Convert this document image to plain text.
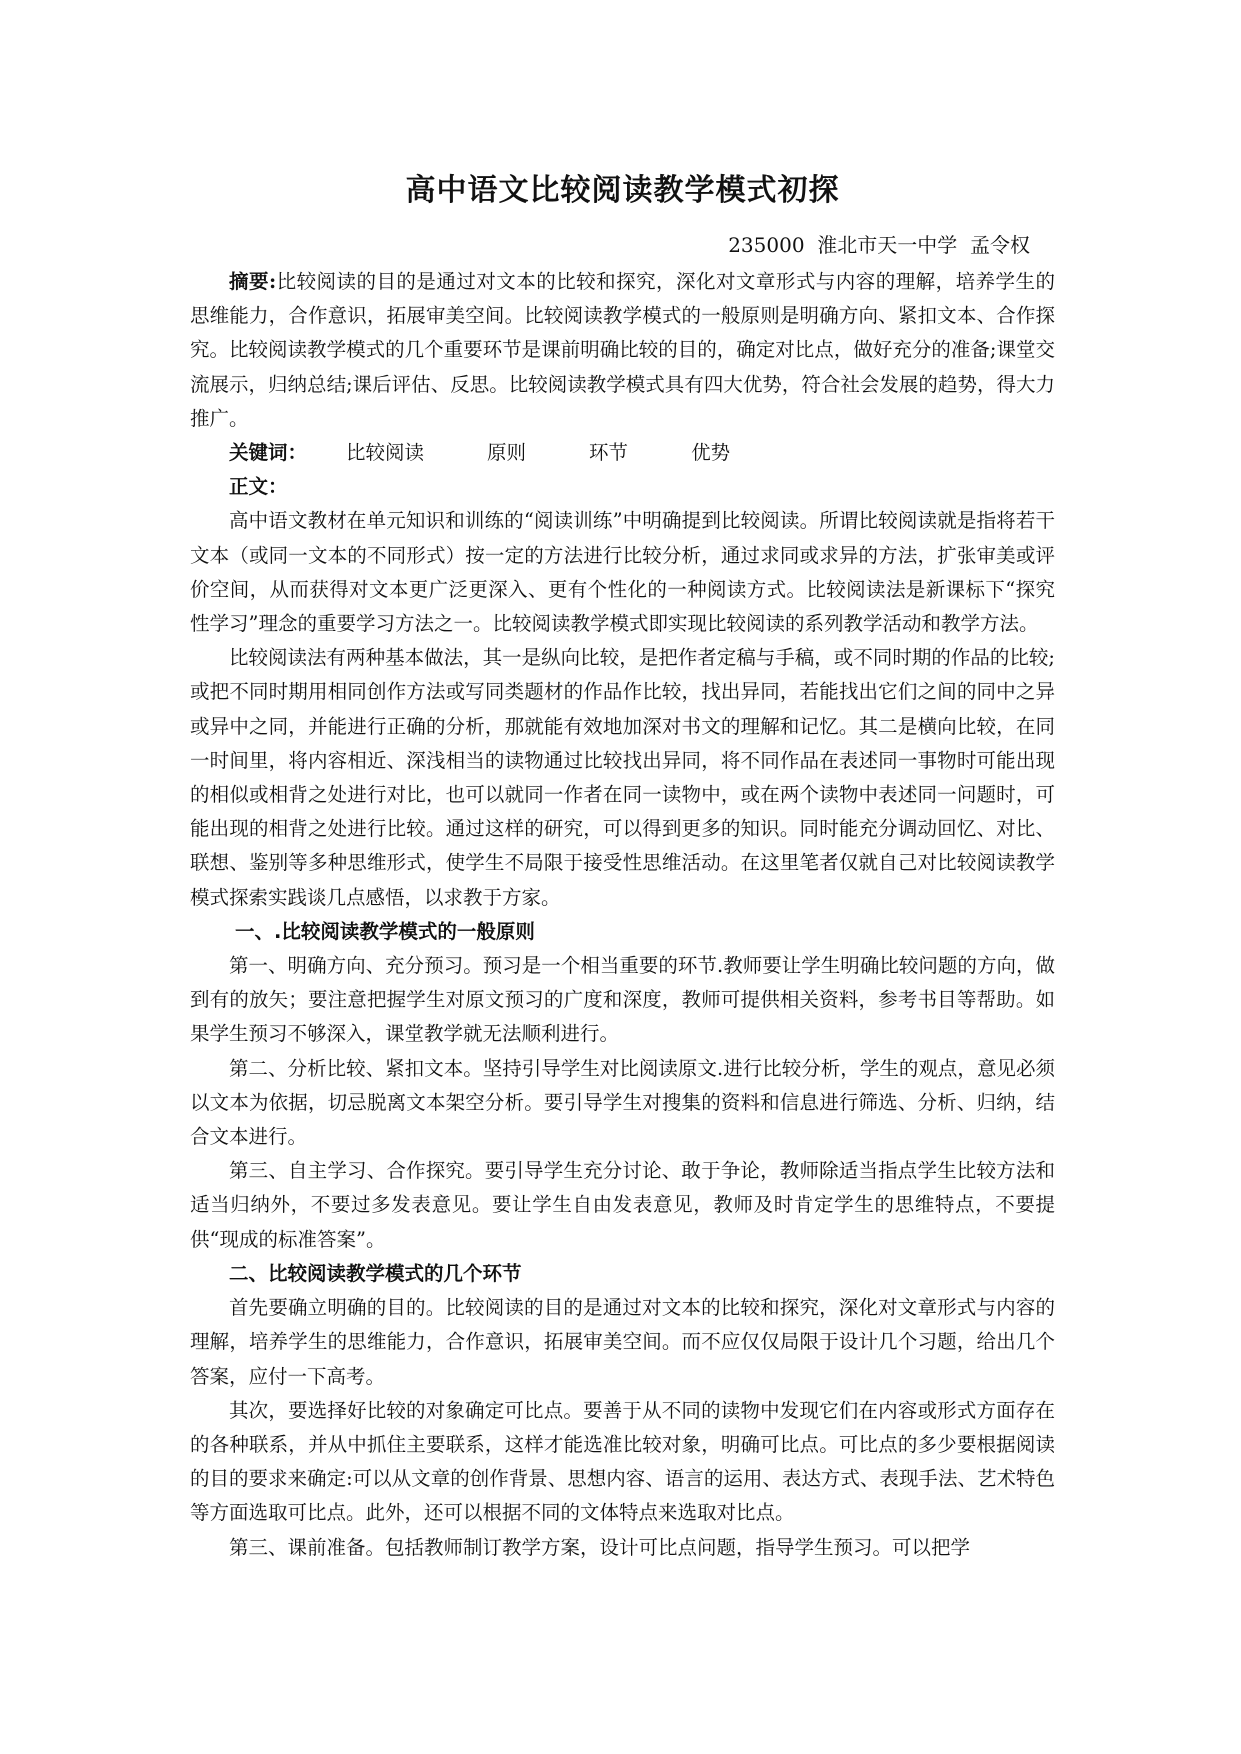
高中语文比较阅读教学模式初探
235000 淮北市天一中学 孟令权

摘要:比较阅读的目的是通过对文本的比较和探究，深化对文章形式与内容的理解，培养学生的思维能力，合作意识，拓展审美空间。比较阅读教学模式的一般原则是明确方向、紧扣文本、合作探究。比较阅读教学模式的几个重要环节是课前明确比较的目的，确定对比点，做好充分的准备;课堂交流展示，归纳总结;课后评估、反思。比较阅读教学模式具有四大优势，符合社会发展的趋势，得大力推广。

关键词： 比较阅读	原则	环节	优势

正文：

高中语文教材在单元知识和训练的“阅读训练”中明确提到比较阅读。所谓比较阅读就是指将若干文本（或同一文本的不同形式）按一定的方法进行比较分析，通过求同或求异的方法，扩张审美或评价空间，从而获得对文本更广泛更深入、更有个性化的一种阅读方式。比较阅读法是新课标下“探究性学习”理念的重要学习方法之一。比较阅读教学模式即实现比较阅读的系列教学活动和教学方法。

比较阅读法有两种基本做法，其一是纵向比较，是把作者定稿与手稿，或不同时期的作品的比较;或把不同时期用相同创作方法或写同类题材的作品作比较，找出异同，若能找出它们之间的同中之异或异中之同，并能进行正确的分析，那就能有效地加深对书文的理解和记忆。其二是横向比较，在同一时间里，将内容相近、深浅相当的读物通过比较找出异同，将不同作品在表述同一事物时可能出现的相似或相背之处进行对比，也可以就同一作者在同一读物中，或在两个读物中表述同一问题时，可能出现的相背之处进行比较。通过这样的研究，可以得到更多的知识。同时能充分调动回忆、对比、联想、鉴别等多种思维形式，使学生不局限于接受性思维活动。在这里笔者仅就自己对比较阅读教学模式探索实践谈几点感悟，以求教于方家。

一、.比较阅读教学模式的一般原则

第一、明确方向、充分预习。预习是一个相当重要的环节.教师要让学生明确比较问题的方向，做到有的放矢；要注意把握学生对原文预习的广度和深度，教师可提供相关资料，参考书目等帮助。如果学生预习不够深入，课堂教学就无法顺利进行。

第二、分析比较、紧扣文本。坚持引导学生对比阅读原文.进行比较分析，学生的观点，意见必须以文本为依据，切忌脱离文本架空分析。要引导学生对搜集的资料和信息进行筛选、分析、归纳，结合文本进行。

第三、自主学习、合作探究。要引导学生充分讨论、敢于争论，教师除适当指点学生比较方法和适当归纳外，不要过多发表意见。要让学生自由发表意见，教师及时肯定学生的思维特点，不要提供“现成的标准答案”。

二、比较阅读教学模式的几个环节

首先要确立明确的目的。比较阅读的目的是通过对文本的比较和探究，深化对文章形式与内容的理解，培养学生的思维能力，合作意识，拓展审美空间。而不应仅仅局限于设计几个习题，给出几个答案，应付一下高考。

其次，要选择好比较的对象确定可比点。要善于从不同的读物中发现它们在内容或形式方面存在的各种联系，并从中抓住主要联系，这样才能选准比较对象，明确可比点。可比点的多少要根据阅读的目的要求来确定:可以从文章的创作背景、思想内容、语言的运用、表达方式、表现手法、艺术特色等方面选取可比点。此外，还可以根据不同的文体特点来选取对比点。

第三、课前准备。包括教师制订教学方案，设计可比点问题，指导学生预习。可以把学
